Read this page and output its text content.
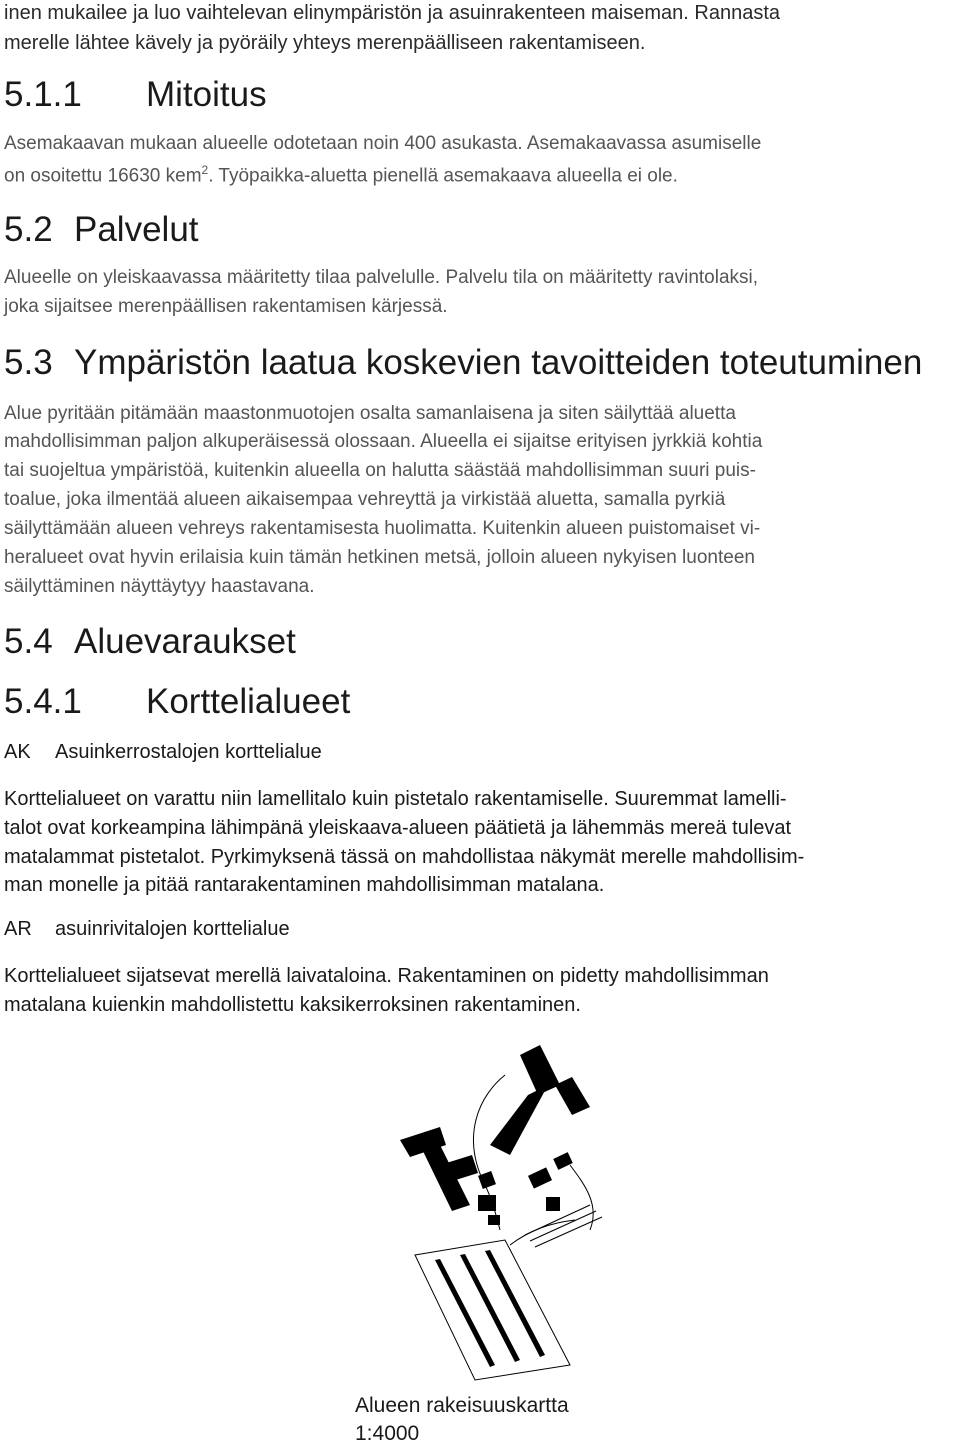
inen mukailee ja luo vaihtelevan elinympäristön ja asuinrakenteen maiseman. Rannasta
merelle lähtee kävely ja pyöräily yhteys merenpäälliseen rakentamiseen.
5.1.1 Mitoitus
Asemakaavan mukaan alueelle odotetaan noin 400 asukasta. Asemakaavassa asumiselle
on osoitettu 16630 kem$^2$. Työpaikka-aluetta pienellä asemakaava alueella ei ole.
5.2 Palvelut
Alueelle on yleiskaavassa määritetty tilaa palvelulle. Palvelu tila on määritetty ravintolaksi,
joka sijaitsee merenpäällisen rakentamisen kärjessä.
5.3 Ympäristön laatua koskevien tavoitteiden toteutuminen
Alue pyritään pitämään maastonmuotojen osalta samanlaisena ja siten säilyttää aluetta
mahdollisimman paljon alkuperäisessä olossaan. Alueella ei sijaitse erityisen jyrkkiä kohtia
tai suojeltua ympäristöä, kuitenkin alueella on halutta säästää mahdollisimman suuri puis-
toalue, joka ilmentää alueen aikaisempaa vehreyttä ja virkistää aluetta, samalla pyrkiä
säilyttämään alueen vehreys rakentamisesta huolimatta. Kuitenkin alueen puistomaiset vi-
heralueet ovat hyvin erilaisia kuin tämän hetkinen metsä, jolloin alueen nykyisen luonteen
säilyttäminen näyttäytyy haastavana.
5.4 Aluevaraukset
5.4.1 Korttelialueet
AK Asuinkerrostalojen korttelialue
Korttelialueet on varattu niin lamellitalo kuin pistetalo rakentamiselle. Suuremmat lamelli-
talot ovat korkeampina lähimpänä yleiskaava-alueen päätietä ja lähemmäs mereä tulevat
matalammat pistetalot. Pyrkimyksenä tässä on mahdollistaa näkymät merelle mahdollisim-
man monelle ja pitää rantarakentaminen mahdollisimman matalana.
AR asuinrivitalojen korttelialue
Korttelialueet sijatsevat merellä laivataloina. Rakentaminen on pidetty mahdollisimman
matalana kuienkin mahdollistettu kaksikerroksinen rakentaminen.
Alueen rakeisuuskartta
1:4000
